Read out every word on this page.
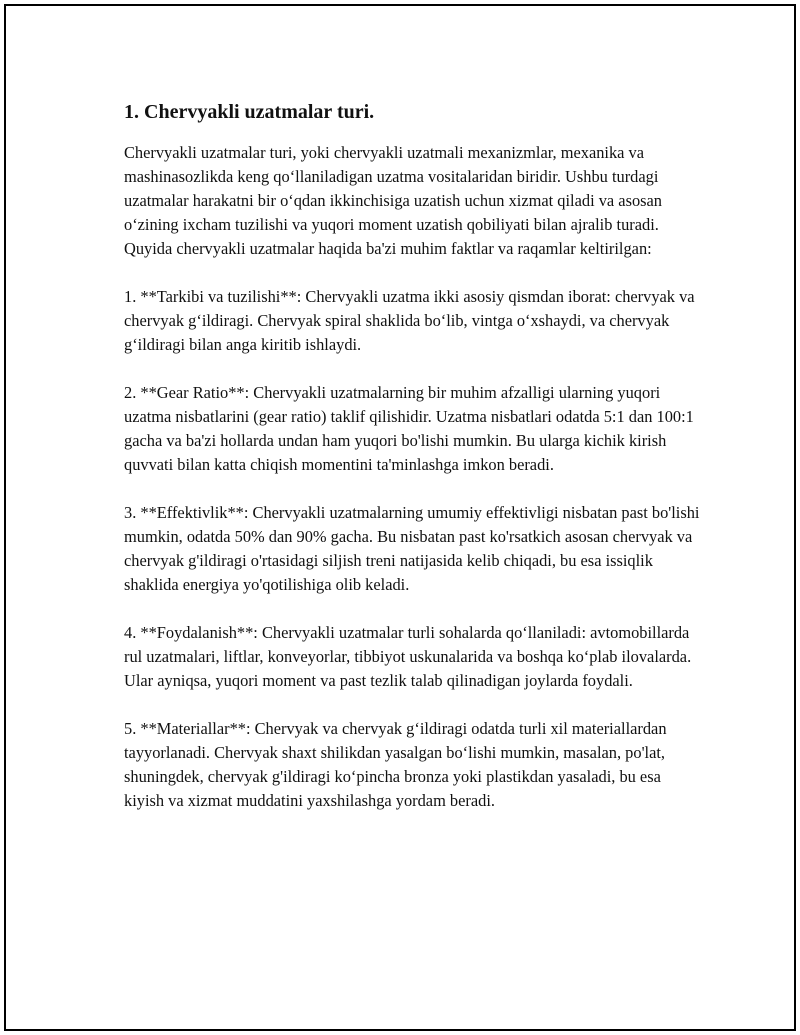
1. Chervyakli uzatmalar turi.

Chervyakli uzatmalar turi, yoki chervyakli uzatmali mexanizmlar, mexanika va mashinasozlikda keng qo‘llaniladigan uzatma vositalaridan biridir. Ushbu turdagi uzatmalar harakatni bir o‘qdan ikkinchisiga uzatish uchun xizmat qiladi va asosan o‘zining ixcham tuzilishi va yuqori moment uzatish qobiliyati bilan ajralib turadi. Quyida chervyakli uzatmalar haqida ba'zi muhim faktlar va raqamlar keltirilgan:

1. **Tarkibi va tuzilishi**: Chervyakli uzatma ikki asosiy qismdan iborat: chervyak va chervyak g‘ildiragi. Chervyak spiral shaklida bo‘lib, vintga o‘xshaydi, va chervyak g‘ildiragi bilan anga kiritib ishlaydi.

2. **Gear Ratio**: Chervyakli uzatmalarning bir muhim afzalligi ularning yuqori uzatma nisbatlarini (gear ratio) taklif qilishidir. Uzatma nisbatlari odatda 5:1 dan 100:1 gacha va ba'zi hollarda undan ham yuqori bo'lishi mumkin. Bu ularga kichik kirish quvvati bilan katta chiqish momentini ta'minlashga imkon beradi.

3. **Effektivlik**: Chervyakli uzatmalarning umumiy effektivligi nisbatan past bo'lishi mumkin, odatda 50% dan 90% gacha. Bu nisbatan past ko'rsatkich asosan chervyak va chervyak g'ildiragi o'rtasidagi siljish treni natijasida kelib chiqadi, bu esa issiqlik shaklida energiya yo'qotilishiga olib keladi.

4. **Foydalanish**: Chervyakli uzatmalar turli sohalarda qo‘llaniladi: avtomobillarda rul uzatmalari, liftlar, konveyorlar, tibbiyot uskunalarida va boshqa ko‘plab ilovalarda. Ular ayniqsa, yuqori moment va past tezlik talab qilinadigan joylarda foydali.

5. **Materiallar**: Chervyak va chervyak g‘ildiragi odatda turli xil materiallardan tayyorlanadi. Chervyak shaxt shilikdan yasalgan bo‘lishi mumkin, masalan, po'lat, shuningdek, chervyak g'ildiragi ko‘pincha bronza yoki plastikdan yasaladi, bu esa kiyish va xizmat muddatini yaxshilashga yordam beradi.
